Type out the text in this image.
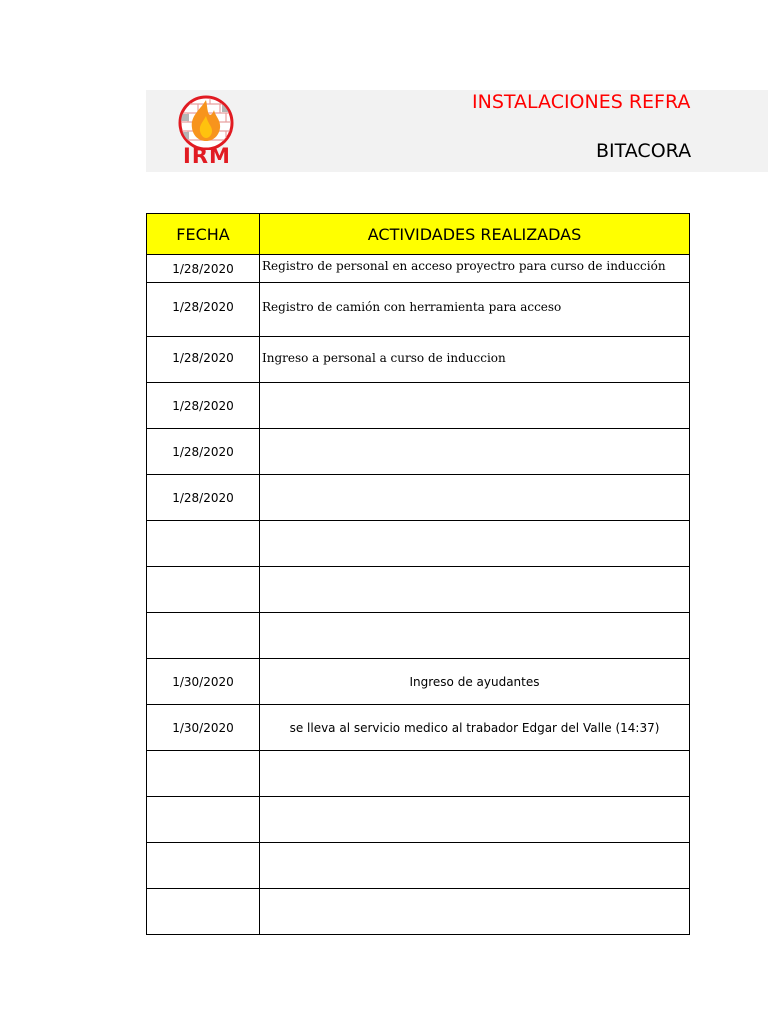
IRM
INSTALACIONES REFRA
BITACORA
FECHA	ACTIVIDADES REALIZADAS
1/28/2020	Registro de personal en acceso proyectro para curso de inducción
1/28/2020	Registro de camión con herramienta para acceso
1/28/2020	Ingreso a personal a curso de induccion
1/28/2020	
1/28/2020	
1/28/2020	

1/30/2020	Ingreso de ayudantes
1/30/2020	se lleva al servicio medico al trabador Edgar del Valle (14:37)
